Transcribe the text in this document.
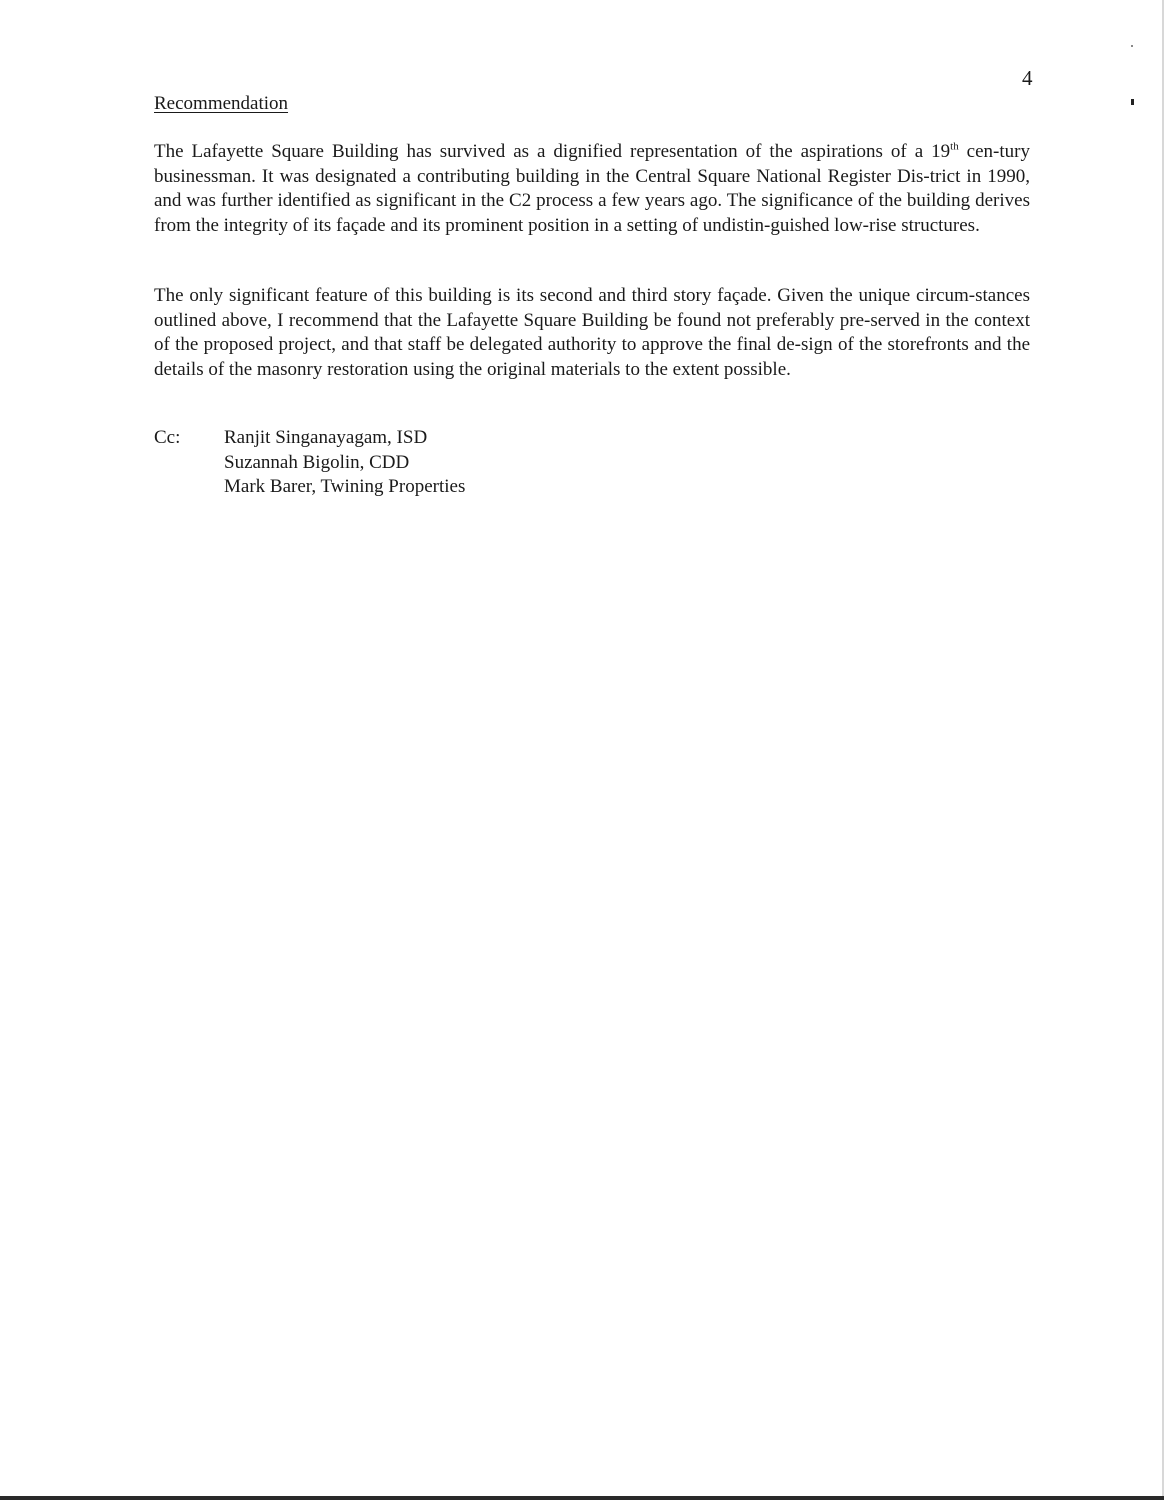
4
Recommendation

The Lafayette Square Building has survived as a dignified representation of the aspirations of a 19th cen-tury businessman. It was designated a contributing building in the Central Square National Register Dis-trict in 1990, and was further identified as significant in the C2 process a few years ago. The significance of the building derives from the integrity of its façade and its prominent position in a setting of undistin-guished low-rise structures.

The only significant feature of this building is its second and third story façade. Given the unique circum-stances outlined above, I recommend that the Lafayette Square Building be found not preferably pre-served in the context of the proposed project, and that staff be delegated authority to approve the final de-sign of the storefronts and the details of the masonry restoration using the original materials to the extent possible.

Cc: Ranjit Singanayagam, ISD
Suzannah Bigolin, CDD
Mark Barer, Twining Properties
